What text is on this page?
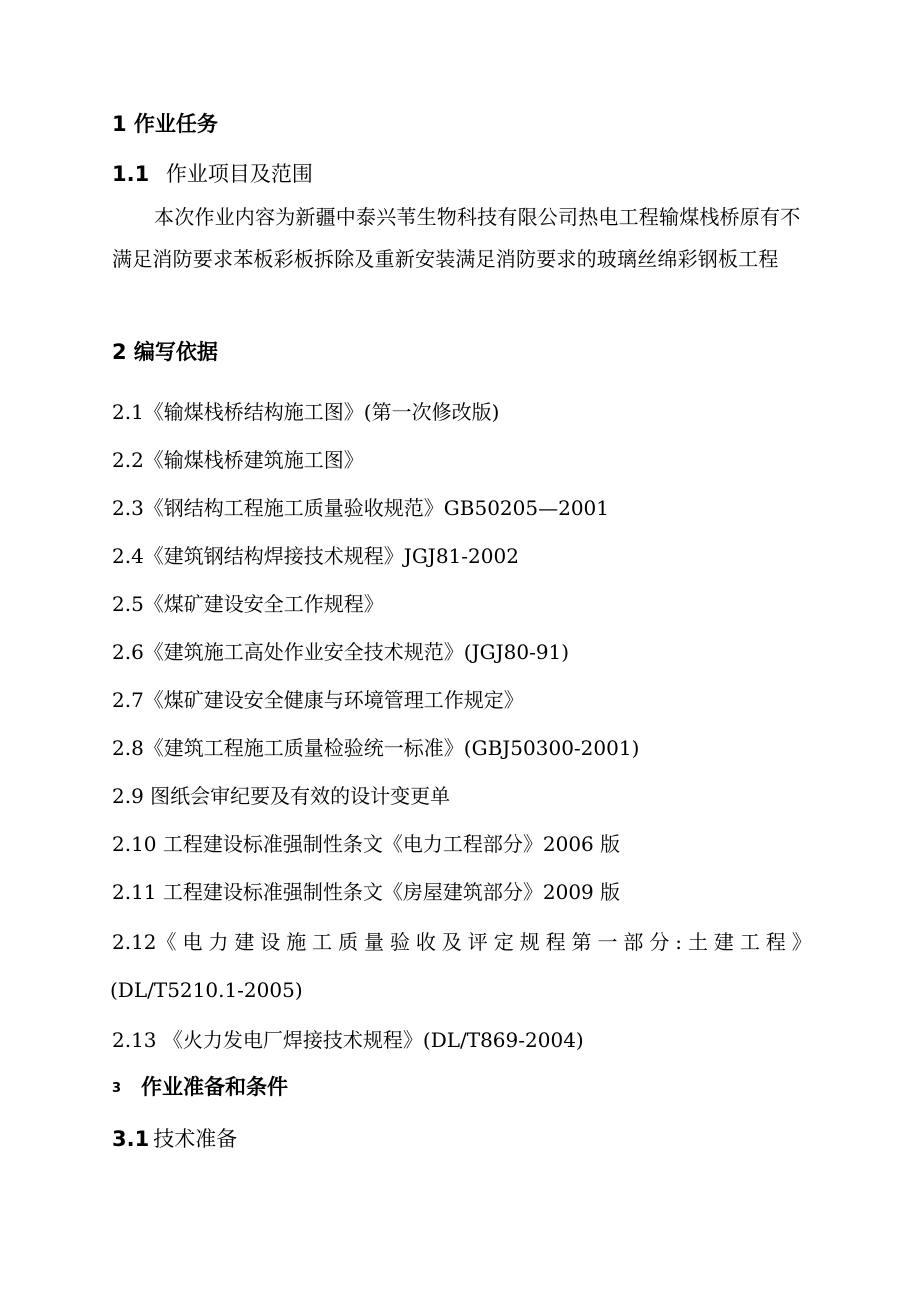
1 作业任务
1.1 作业项目及范围
本次作业内容为新疆中泰兴苇生物科技有限公司热电工程输煤栈桥原有不满足消防要求苯板彩板拆除及重新安装满足消防要求的玻璃丝绵彩钢板工程
2 编写依据
2.1《输煤栈桥结构施工图》(第一次修改版)
2.2《输煤栈桥建筑施工图》
2.3《钢结构工程施工质量验收规范》GB50205—2001
2.4《建筑钢结构焊接技术规程》JGJ81-2002
2.5《煤矿建设安全工作规程》
2.6《建筑施工高处作业安全技术规范》(JGJ80-91)
2.7《煤矿建设安全健康与环境管理工作规定》
2.8《建筑工程施工质量检验统一标准》(GBJ50300-2001)
2.9 图纸会审纪要及有效的设计变更单
2.10 工程建设标准强制性条文《电力工程部分》2006 版
2.11 工程建设标准强制性条文《房屋建筑部分》2009 版
2.12《 电 力 建 设 施 工 质 量 验 收 及 评 定 规 程 第 一 部 分 : 土 建 工 程 》
(DL/T5210.1-2005)
2.13 《火力发电厂焊接技术规程》(DL/T869-2004)
3 作业准备和条件
3.1 技术准备
